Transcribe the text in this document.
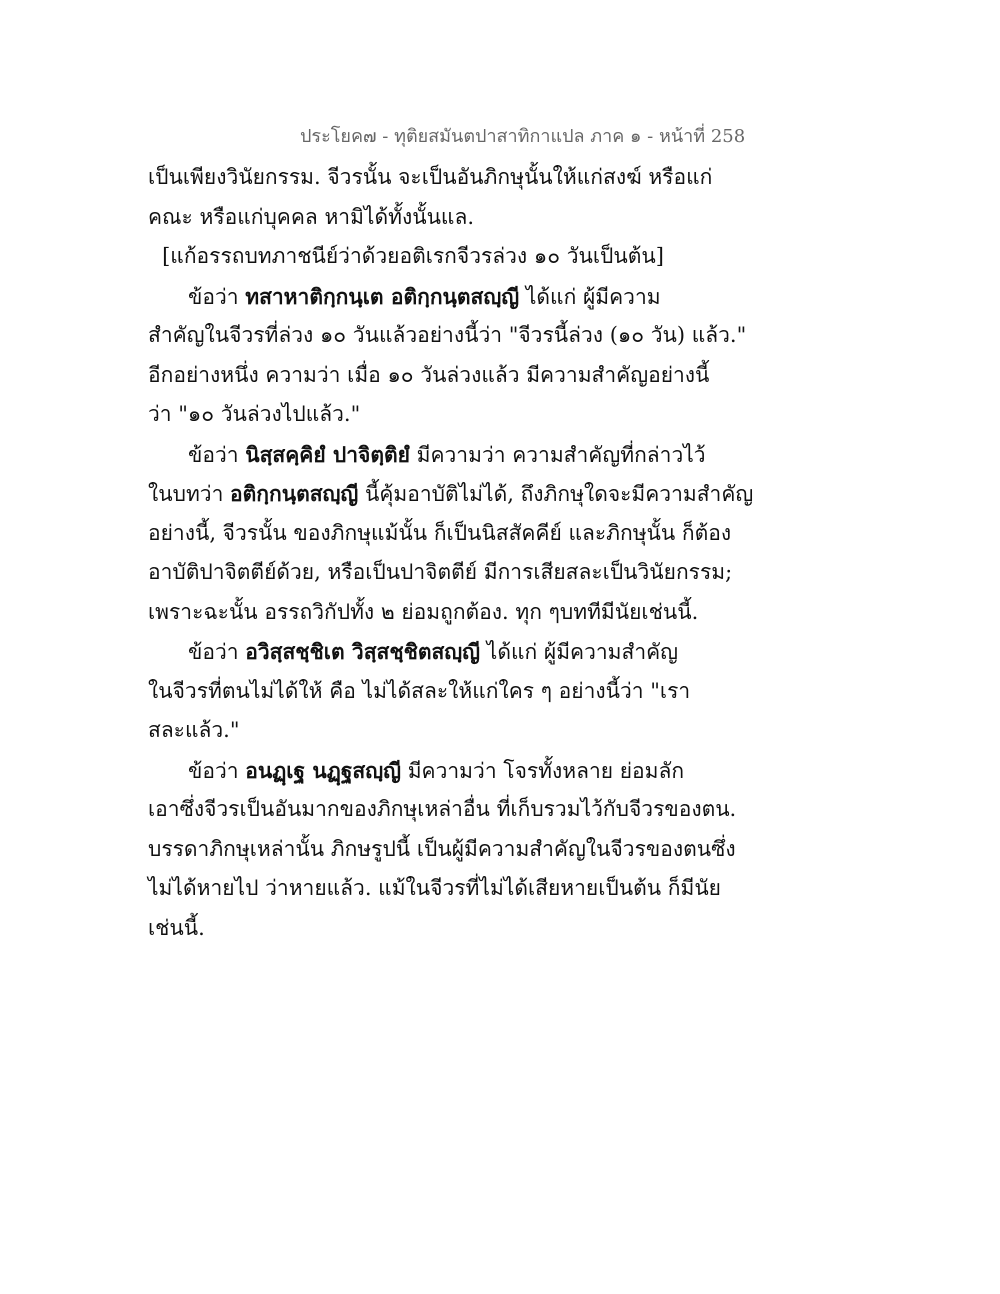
ประโยค๗ - ทุติยสมันตปาสาทิกาแปล ภาค ๑ - หน้าที่ 258
เป็นเพียงวินัยกรรม. จีวรนั้น จะเป็นอันภิกษุนั้นให้แก่สงฆ์ หรือแก่
คณะ หรือแก่บุคคล หามิได้ทั้งนั้นแล.
[แก้อรรถบทภาชนีย์ว่าด้วยอติเรกจีวรล่วง ๑๐ วันเป็นต้น]
ข้อว่า ทสาหาติกฺกนฺเต อติกฺกนฺตสญฺญี ได้แก่ ผู้มีความ
สำคัญในจีวรที่ล่วง ๑๐ วันแล้วอย่างนี้ว่า "จีวรนี้ล่วง (๑๐ วัน) แล้ว."
อีกอย่างหนึ่ง ความว่า เมื่อ ๑๐ วันล่วงแล้ว มีความสำคัญอย่างนี้
ว่า "๑๐ วันล่วงไปแล้ว."
ข้อว่า นิสฺสคฺคิยํ ปาจิตฺติยํ มีความว่า ความสำคัญที่กล่าวไว้
ในบทว่า อติกฺกนฺตสญฺญี นี้คุ้มอาบัติไม่ได้, ถึงภิกษุใดจะมีความสำคัญ
อย่างนี้, จีวรนั้น ของภิกษุแม้นั้น ก็เป็นนิสสัคคีย์ และภิกษุนั้น ก็ต้อง
อาบัติปาจิตตีย์ด้วย, หรือเป็นปาจิตตีย์ มีการเสียสละเป็นวินัยกรรม;
เพราะฉะนั้น อรรถวิกัปทั้ง ๒ ย่อมถูกต้อง. ทุก ๆบททีมีนัยเช่นนี้.
ข้อว่า อวิสฺสชฺชิเต วิสฺสชฺชิตสญฺญี ได้แก่ ผู้มีความสำคัญ
ในจีวรที่ตนไม่ได้ให้ คือ ไม่ได้สละให้แก่ใคร ๆ อย่างนี้ว่า "เรา
สละแล้ว."
ข้อว่า อนฏฺเฐ นฏฺฐสญฺญี มีความว่า โจรทั้งหลาย ย่อมลัก
เอาซึ่งจีวรเป็นอันมากของภิกษุเหล่าอื่น ที่เก็บรวมไว้กับจีวรของตน.
บรรดาภิกษุเหล่านั้น ภิกษรูปนี้ เป็นผู้มีความสำคัญในจีวรของตนซึ่ง
ไม่ได้หายไป ว่าหายแล้ว. แม้ในจีวรที่ไม่ได้เสียหายเป็นต้น ก็มีนัย
เช่นนี้.
